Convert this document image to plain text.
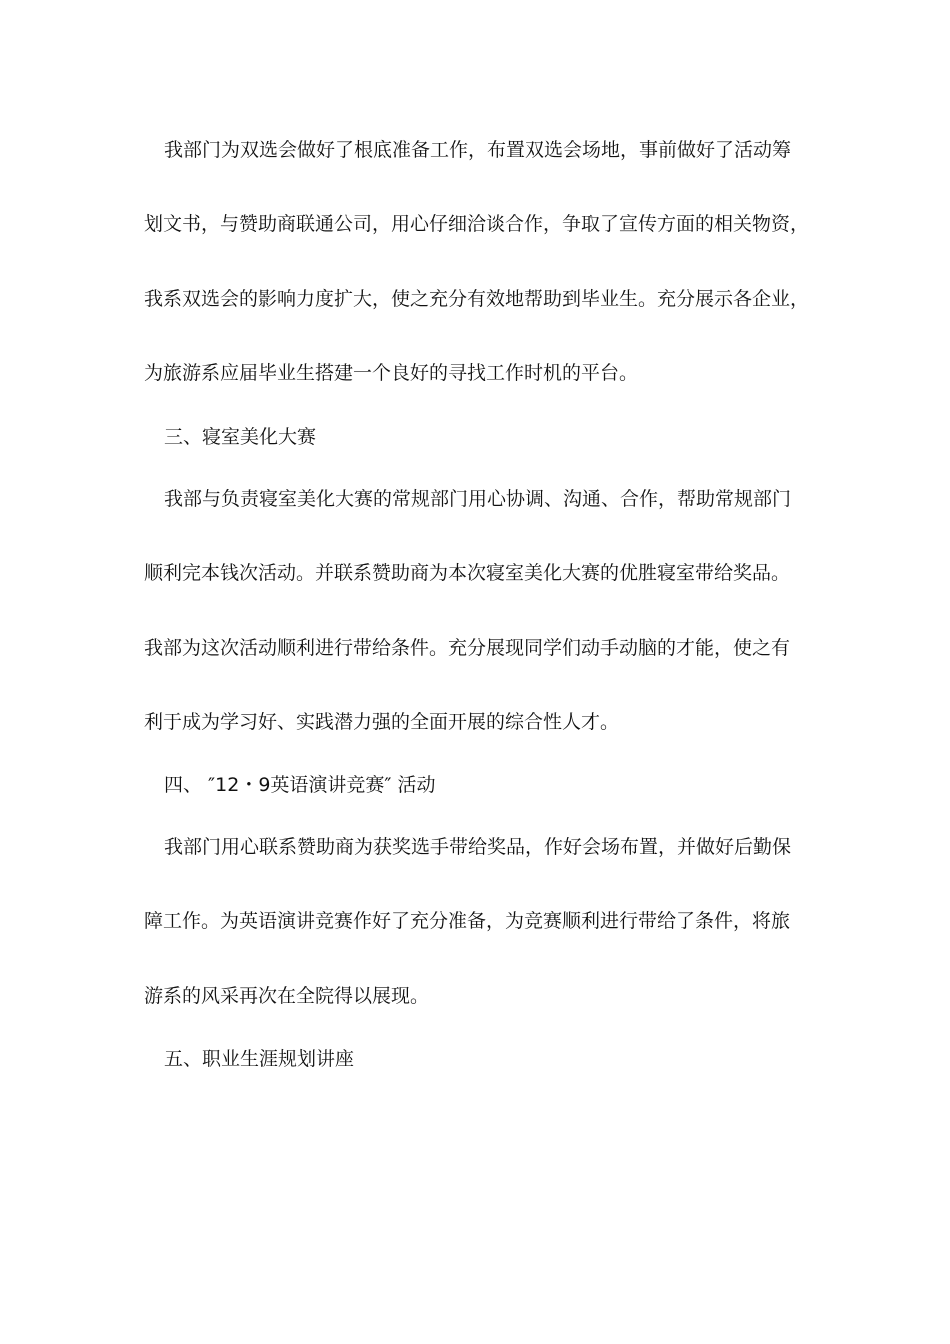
我部门为双选会做好了根底准备工作，布置双选会场地，事前做好了活动筹
划文书，与赞助商联通公司，用心仔细洽谈合作，争取了宣传方面的相关物资，
我系双选会的影响力度扩大，使之充分有效地帮助到毕业生。充分展示各企业，
为旅游系应届毕业生搭建一个良好的寻找工作时机的平台。
三、寝室美化大赛
我部与负责寝室美化大赛的常规部门用心协调、沟通、合作，帮助常规部门
顺利完本钱次活动。并联系赞助商为本次寝室美化大赛的优胜寝室带给奖品。
我部为这次活动顺利进行带给条件。充分展现同学们动手动脑的才能，使之有
利于成为学习好、实践潜力强的全面开展的综合性人才。
四、 ″12・9英语演讲竞赛″ 活动
我部门用心联系赞助商为获奖选手带给奖品，作好会场布置，并做好后勤保
障工作。为英语演讲竞赛作好了充分准备，为竞赛顺利进行带给了条件，将旅
游系的风采再次在全院得以展现。
五、职业生涯规划讲座
